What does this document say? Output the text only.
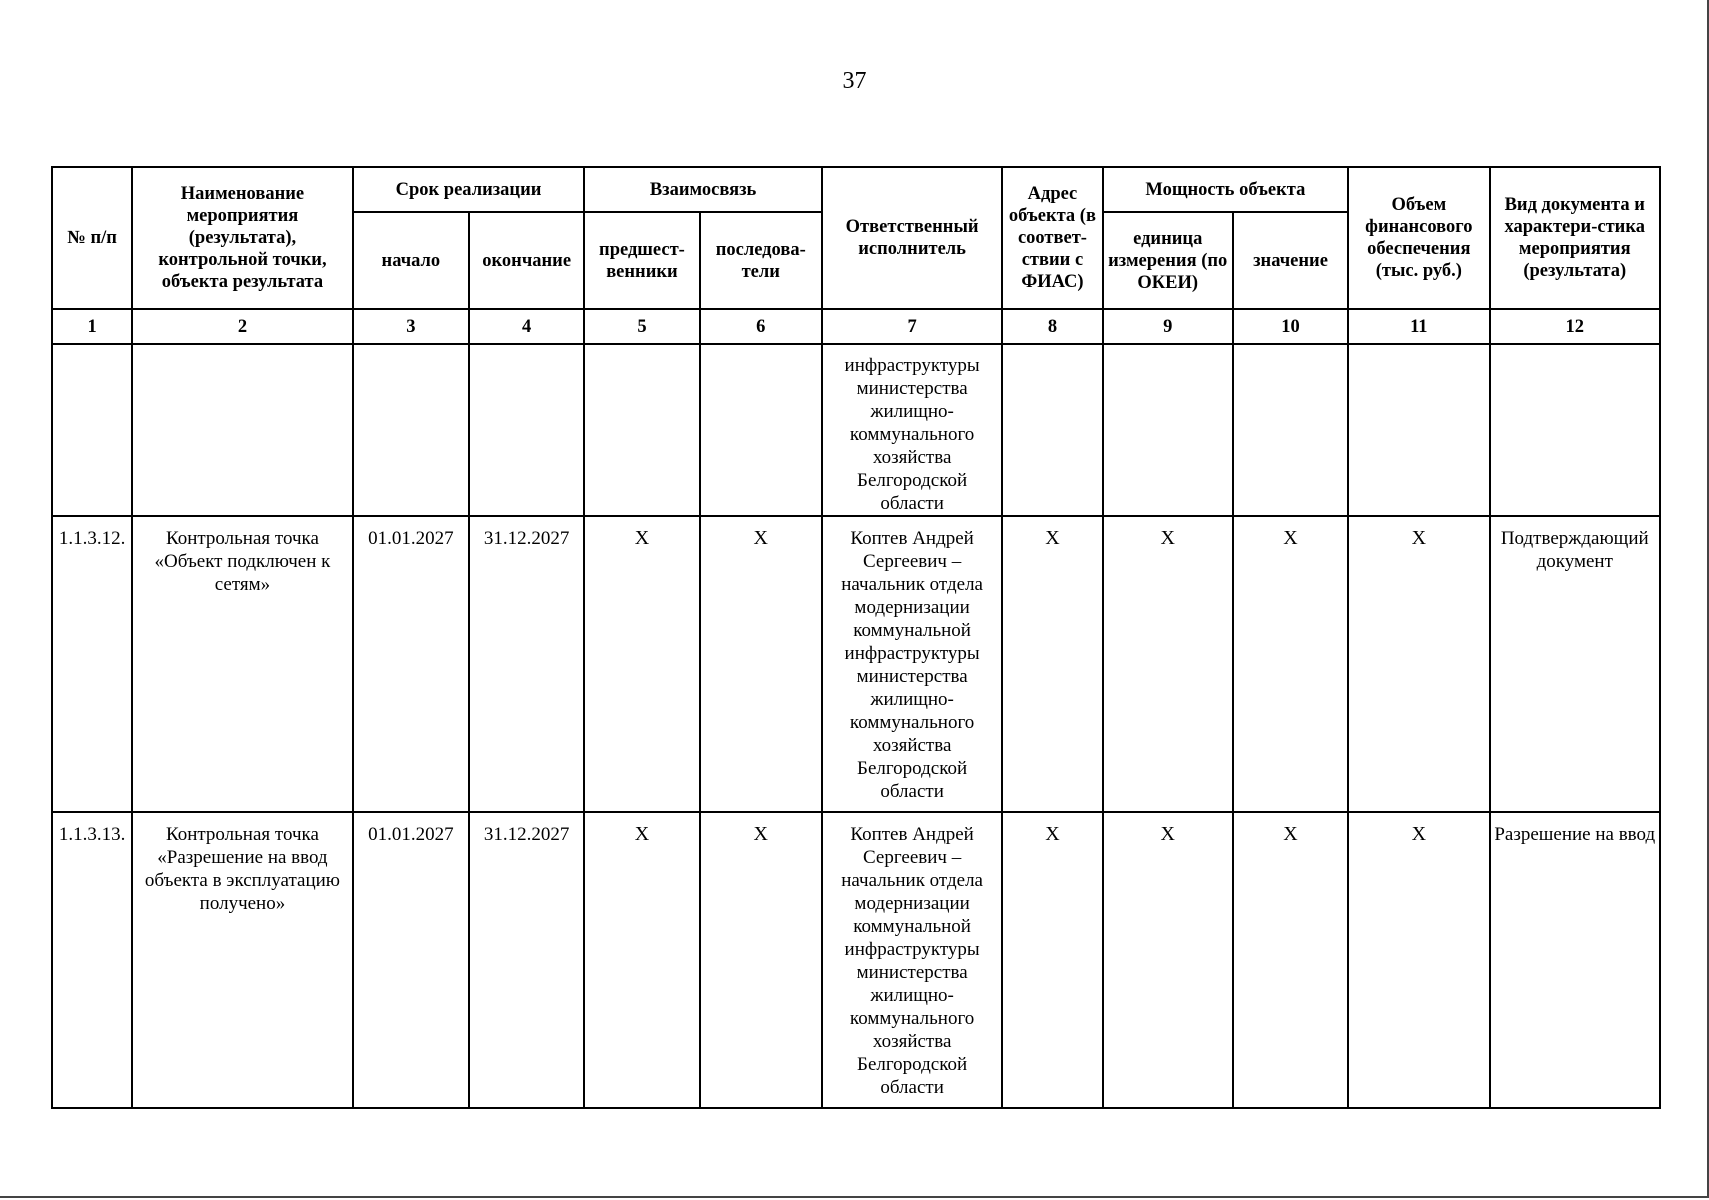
37
№ п/п	Наименование мероприятия (результата), контрольной точки, объекта результата	Срок реализации		Взаимосвязь		Ответственный исполнитель	Адрес объекта (в соответ-ствии с ФИАС)	Мощность объекта		Объем финансового обеспечения (тыс. руб.)	Вид документа и характери-стика мероприятия (результата)
		начало	окончание	предшест-венники	последова-тели			единица измерения (по ОКЕИ)	значение		
1	2	3	4	5	6	7	8	9	10	11	12
						инфраструктуры министерства жилищно-коммунального хозяйства Белгородской области					
1.1.3.12.	Контрольная точка «Объект подключен к сетям»	01.01.2027	31.12.2027	X	X	Коптев Андрей Сергеевич – начальник отдела модернизации коммунальной инфраструктуры министерства жилищно-коммунального хозяйства Белгородской области	X	X	X	X	Подтверждающий документ
1.1.3.13.	Контрольная точка «Разрешение на ввод объекта в эксплуатацию получено»	01.01.2027	31.12.2027	X	X	Коптев Андрей Сергеевич – начальник отдела модернизации коммунальной инфраструктуры министерства жилищно-коммунального хозяйства Белгородской области	X	X	X	X	Разрешение на ввод
